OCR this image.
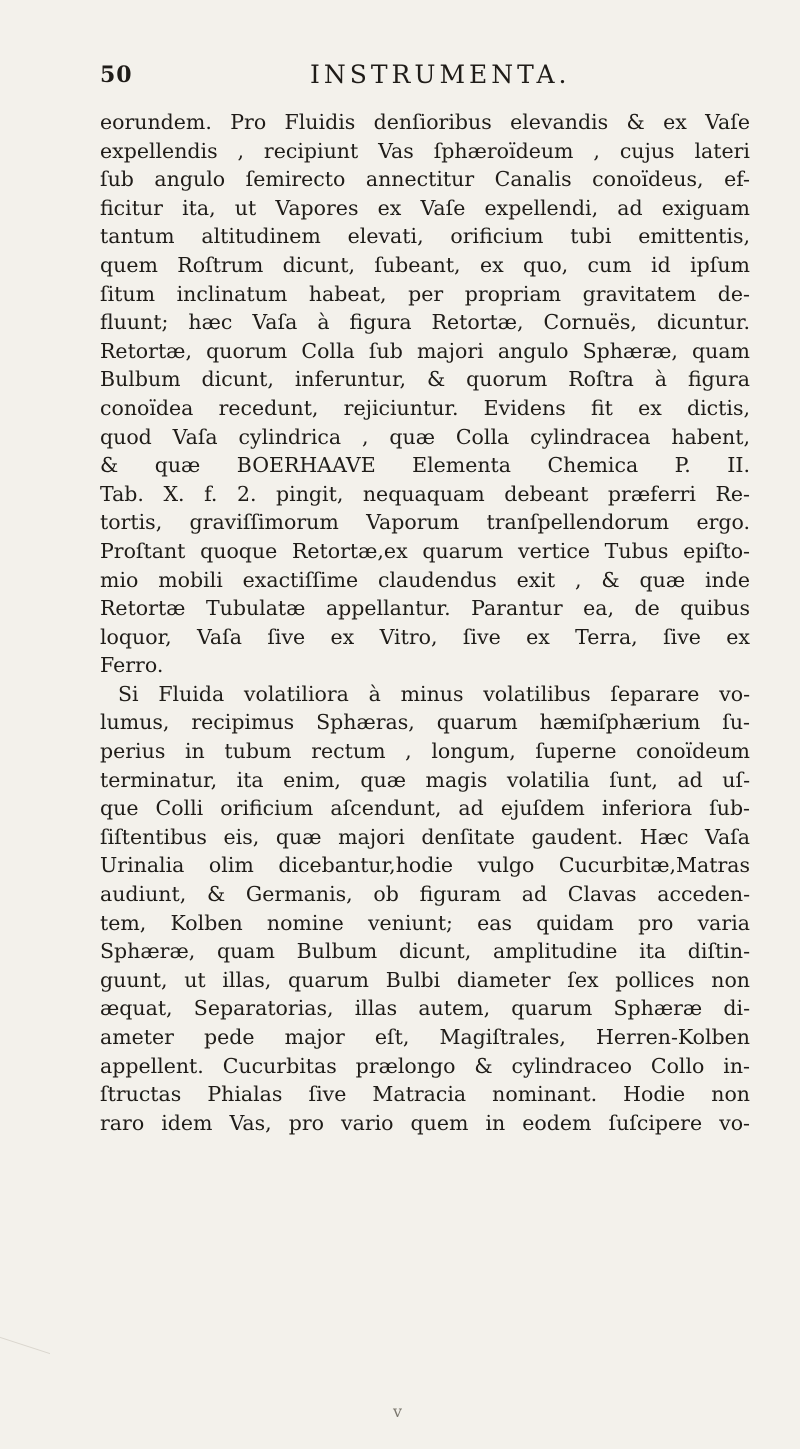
50	INSTRUMENTA.
eorundem. Pro Fluidis denſioribus elevandis & ex Vaſe
expellendis , recipiunt Vas ſphæroïdeum , cujus lateri
ſub angulo ſemirecto annectitur Canalis conoïdeus, ef-
ficitur ita, ut Vapores ex Vaſe expellendi, ad exiguam
tantum altitudinem elevati, orificium tubi emittentis,
quem Roſtrum dicunt, ſubeant, ex quo, cum id ipſum
ſitum inclinatum habeat, per propriam gravitatem de-
fluunt; hæc Vaſa à figura Retortæ, Cornuës, dicuntur.
Retortæ, quorum Colla ſub majori angulo Sphæræ, quam
Bulbum dicunt, inferuntur, & quorum Roſtra à figura
conoïdea recedunt, rejiciuntur. Evidens fit ex dictis,
quod Vaſa cylindrica , quæ Colla cylindracea habent,
& quæ BOERHAAVE Elementa Chemica P. II.
Tab. X. f. 2. pingit, nequaquam debeant præferri Re-
tortis, graviſſimorum Vaporum tranſpellendorum ergo.
Proſtant quoque Retortæ,ex quarum vertice Tubus epiſto-
mio mobili exactiſſime claudendus exit , & quæ inde
Retortæ Tubulatæ appellantur. Parantur ea, de quibus
loquor, Vaſa ſive ex Vitro, ſive ex Terra, ſive ex
Ferro.
Si Fluida volatiliora à minus volatilibus ſeparare vo-
lumus, recipimus Sphæras, quarum hæmiſphærium ſu-
perius in tubum rectum , longum, ſuperne conoïdeum
terminatur, ita enim, quæ magis volatilia ſunt, ad uſ-
que Colli orificium aſcendunt, ad ejuſdem inferiora ſub-
ſiſtentibus eis, quæ majori denſitate gaudent. Hæc Vaſa
Urinalia olim dicebantur,hodie vulgo Cucurbitæ,Matras
audiunt, & Germanis, ob figuram ad Clavas acceden-
tem, Kolben nomine veniunt; eas quidam pro varia
Sphæræ, quam Bulbum dicunt, amplitudine ita diſtin-
guunt, ut illas, quarum Bulbi diameter ſex pollices non
æquat, Separatorias, illas autem, quarum Sphæræ di-
ameter pede major eſt, Magiſtrales, Herren-Kolben
appellent. Cucurbitas prælongo & cylindraceo Collo in-
ſtructas Phialas ſive Matracia nominant. Hodie non
raro idem Vas, pro vario quem in eodem ſuſcipere vo-
v
